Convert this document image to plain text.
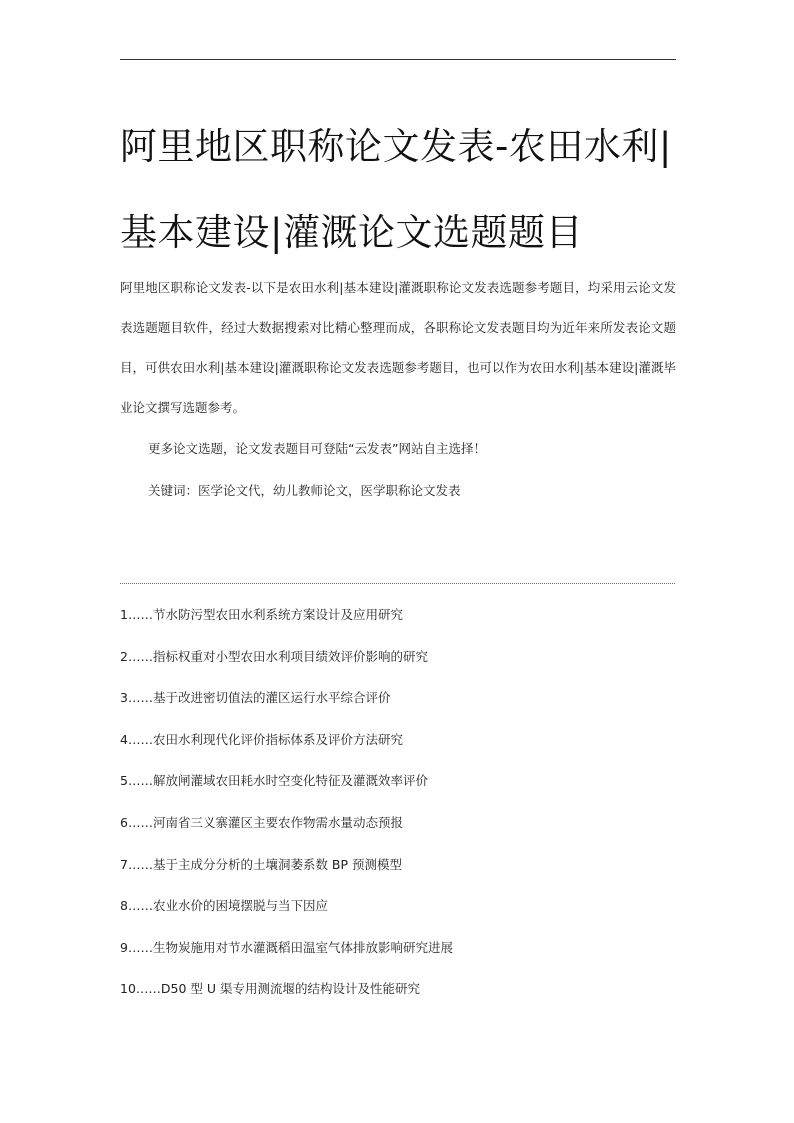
阿里地区职称论文发表-农田水利|基本建设|灌溉论文选题题目

阿里地区职称论文发表-以下是农田水利|基本建设|灌溉职称论文发表选题参考题目，均采用云论文发表选题题目软件，经过大数据搜索对比精心整理而成，各职称论文发表题目均为近年来所发表论文题目，可供农田水利|基本建设|灌溉职称论文发表选题参考题目，也可以作为农田水利|基本建设|灌溉毕业论文撰写选题参考。

更多论文选题，论文发表题目可登陆“云发表”网站自主选择！

关键词：医学论文代，幼儿教师论文，医学职称论文发表

1……节水防污型农田水利系统方案设计及应用研究
2……指标权重对小型农田水利项目绩效评价影响的研究
3……基于改进密切值法的灌区运行水平综合评价
4……农田水利现代化评价指标体系及评价方法研究
5……解放闸灌域农田耗水时空变化特征及灌溉效率评价
6……河南省三义寨灌区主要农作物需水量动态预报
7……基于主成分分析的土壤洞萎系数 BP 预测模型
8……农业水价的困境摆脱与当下因应
9……生物炭施用对节水灌溉稻田温室气体排放影响研究进展
10……D50 型 U 渠专用测流堰的结构设计及性能研究
